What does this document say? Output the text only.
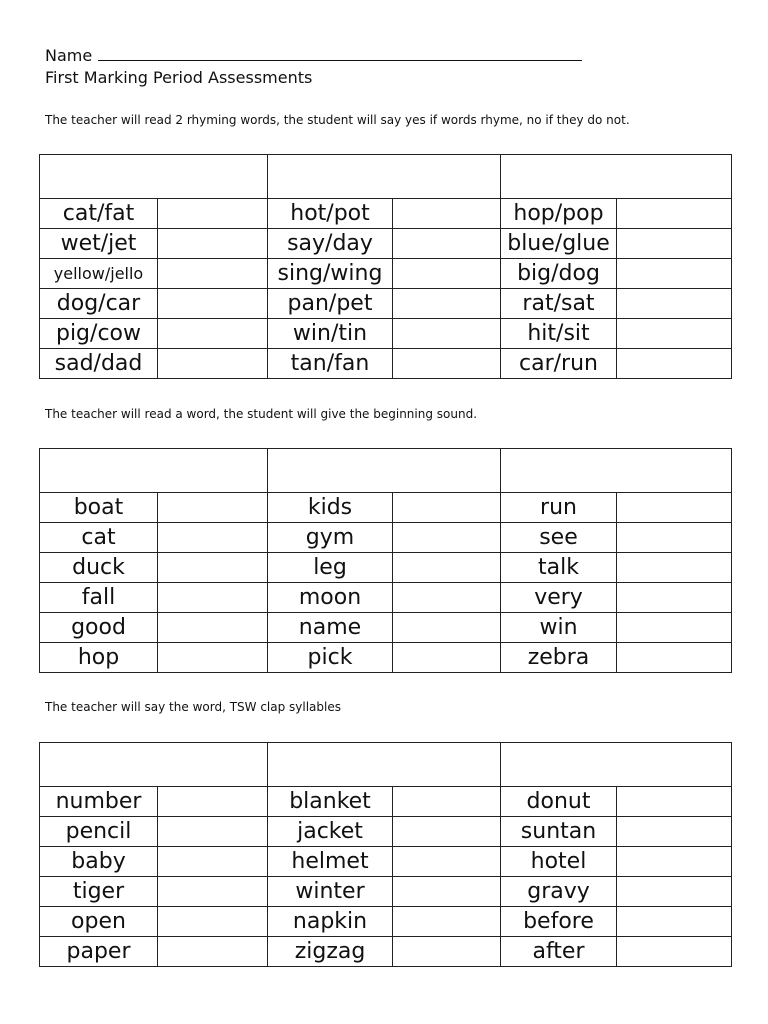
Name
First Marking Period Assessments
The teacher will read 2 rhyming words, the student will say yes if words rhyme, no if they do not.

cat/fat		hot/pot		hop/pop	
wet/jet		say/day		blue/glue	
yellow/jello		sing/wing		big/dog	
dog/car		pan/pet		rat/sat	
pig/cow		win/tin		hit/sit	
sad/dad		tan/fan		car/run	
The teacher will read a word, the student will give the beginning sound.

boat		kids		run	
cat		gym		see	
duck		leg		talk	
fall		moon		very	
good		name		win	
hop		pick		zebra	
The teacher will say the word, TSW clap syllables

number		blanket		donut	
pencil		jacket		suntan	
baby		helmet		hotel	
tiger		winter		gravy	
open		napkin		before	
paper		zigzag		after	
